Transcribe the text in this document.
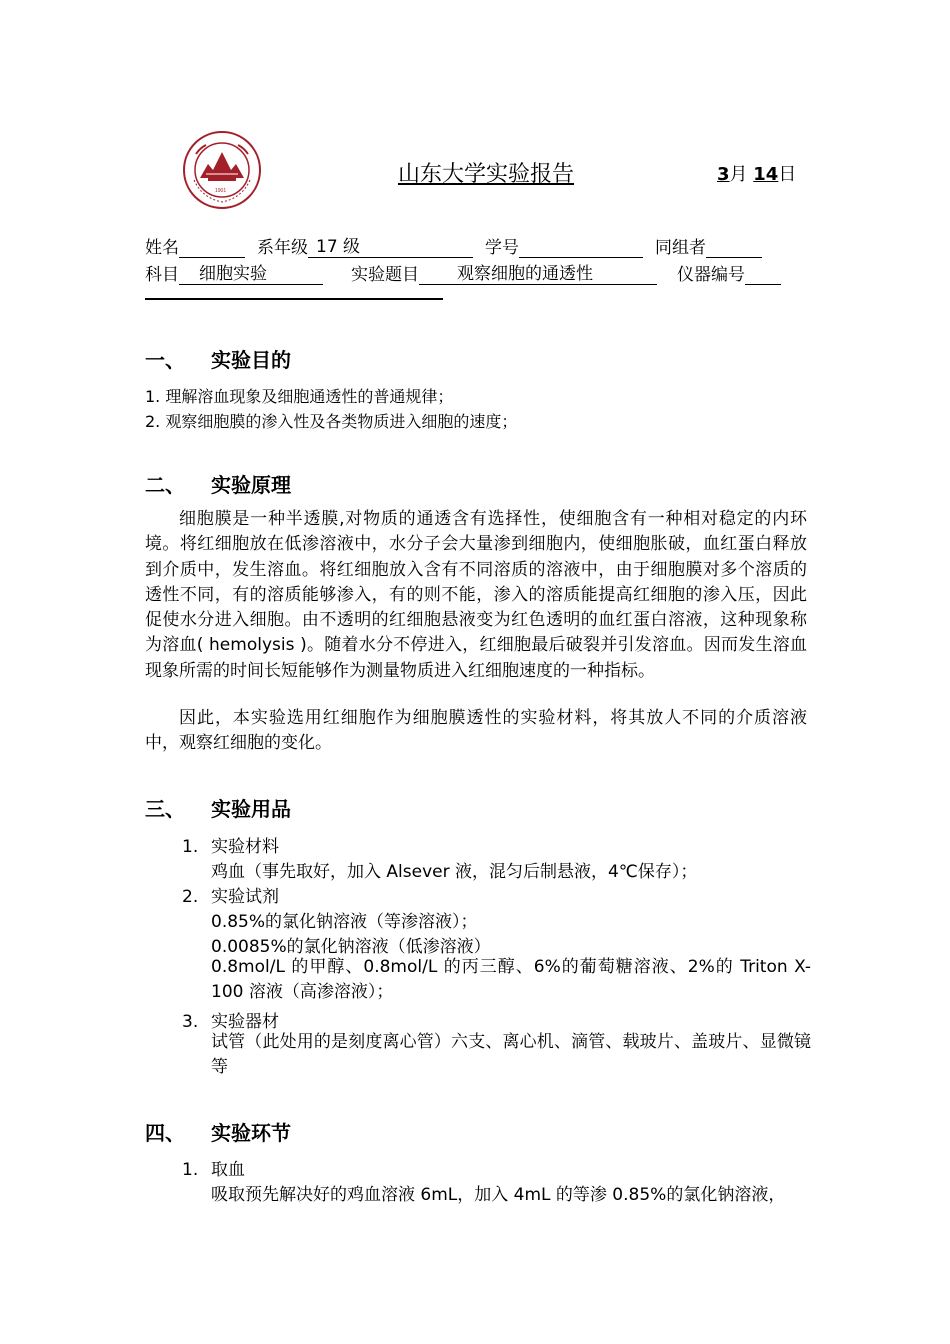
1901
山东大学实验报告	3月 14日
姓名	系年级 17 级	学号	同组者
科目 细胞实验	实验题目 观察细胞的通透性	仪器编号
一、 实验目的
1. 理解溶血现象及细胞通透性的普通规律；
2. 观察细胞膜的渗入性及各类物质进入细胞的速度；
二、 实验原理
细胞膜是一种半透膜,对物质的通透含有选择性，使细胞含有一种相对稳定的内环境。将红细胞放在低渗溶液中，水分子会大量渗到细胞内，使细胞胀破，血红蛋白释放到介质中，发生溶血。将红细胞放入含有不同溶质的溶液中，由于细胞膜对多个溶质的透性不同，有的溶质能够渗入，有的则不能，渗入的溶质能提高红细胞的渗入压，因此促使水分进入细胞。由不透明的红细胞悬液变为红色透明的血红蛋白溶液，这种现象称为溶血( hemolysis )。随着水分不停进入，红细胞最后破裂并引发溶血。因而发生溶血现象所需的时间长短能够作为测量物质进入红细胞速度的一种指标。
因此，本实验选用红细胞作为细胞膜透性的实验材料，将其放人不同的介质溶液中，观察红细胞的变化。
三、 实验用品
1. 实验材料
鸡血（事先取好，加入 Alsever 液，混匀后制悬液，4℃保存）；
2. 实验试剂
0.85%的氯化钠溶液（等渗溶液）；
0.0085%的氯化钠溶液（低渗溶液）
0.8mol/L 的甲醇、0.8mol/L 的丙三醇、6%的葡萄糖溶液、2%的 Triton X-100 溶液（高渗溶液）；
3. 实验器材
试管（此处用的是刻度离心管）六支、离心机、滴管、载玻片、盖玻片、显微镜等
四、 实验环节
1. 取血
吸取预先解决好的鸡血溶液 6mL，加入 4mL 的等渗 0.85%的氯化钠溶液，
